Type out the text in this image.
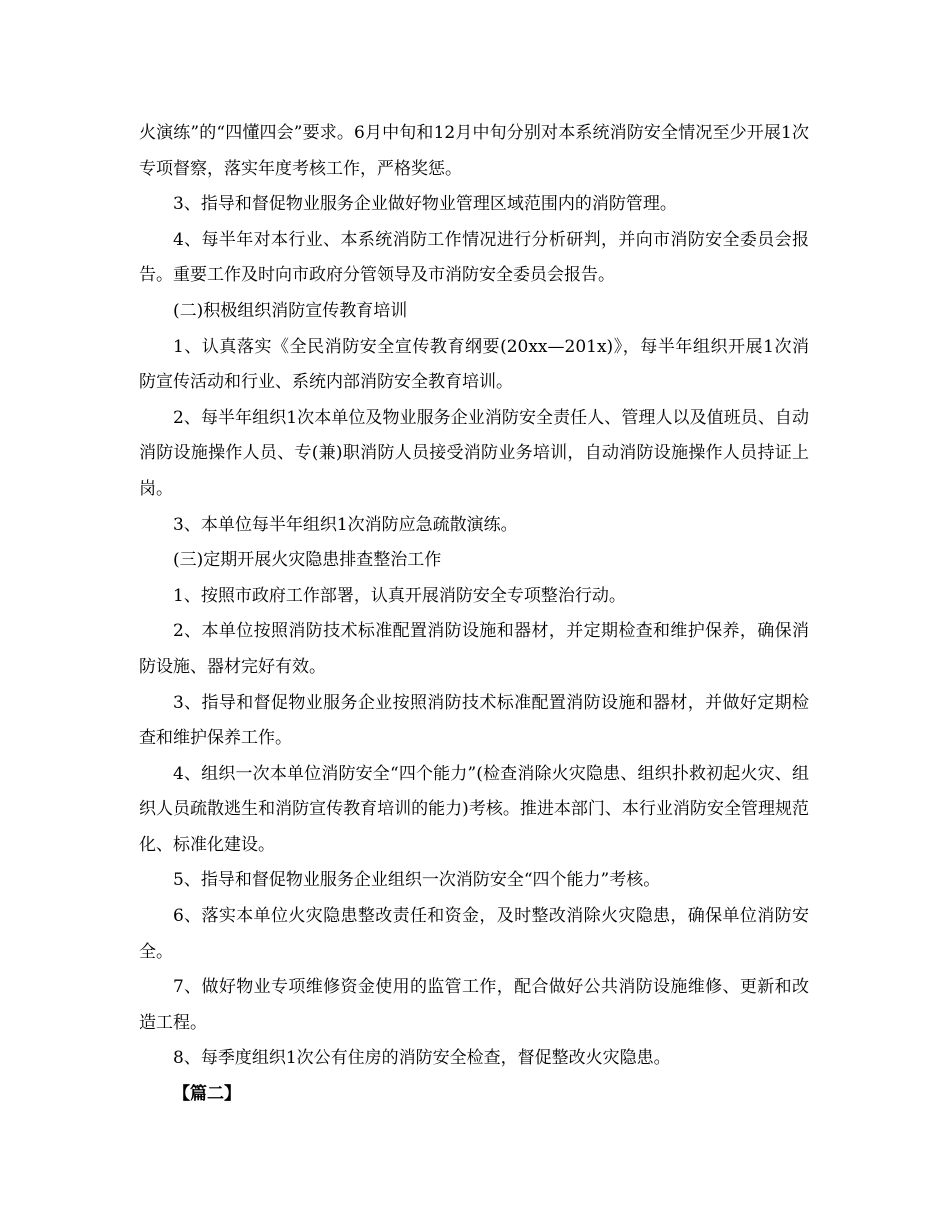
火演练”的“四懂四会”要求。6月中旬和12月中旬分别对本系统消防安全情况至少开展1次专项督察，落实年度考核工作，严格奖惩。

3、指导和督促物业服务企业做好物业管理区域范围内的消防管理。

4、每半年对本行业、本系统消防工作情况进行分析研判，并向市消防安全委员会报告。重要工作及时向市政府分管领导及市消防安全委员会报告。

(二)积极组织消防宣传教育培训

1、认真落实《全民消防安全宣传教育纲要(20xx—201x)》，每半年组织开展1次消防宣传活动和行业、系统内部消防安全教育培训。

2、每半年组织1次本单位及物业服务企业消防安全责任人、管理人以及值班员、自动消防设施操作人员、专(兼)职消防人员接受消防业务培训，自动消防设施操作人员持证上岗。

3、本单位每半年组织1次消防应急疏散演练。

(三)定期开展火灾隐患排查整治工作

1、按照市政府工作部署，认真开展消防安全专项整治行动。

2、本单位按照消防技术标准配置消防设施和器材，并定期检查和维护保养，确保消防设施、器材完好有效。

3、指导和督促物业服务企业按照消防技术标准配置消防设施和器材，并做好定期检查和维护保养工作。

4、组织一次本单位消防安全“四个能力”(检查消除火灾隐患、组织扑救初起火灾、组织人员疏散逃生和消防宣传教育培训的能力)考核。推进本部门、本行业消防安全管理规范化、标准化建设。

5、指导和督促物业服务企业组织一次消防安全“四个能力”考核。

6、落实本单位火灾隐患整改责任和资金，及时整改消除火灾隐患，确保单位消防安全。

7、做好物业专项维修资金使用的监管工作，配合做好公共消防设施维修、更新和改造工程。

8、每季度组织1次公有住房的消防安全检查，督促整改火灾隐患。

【篇二】
